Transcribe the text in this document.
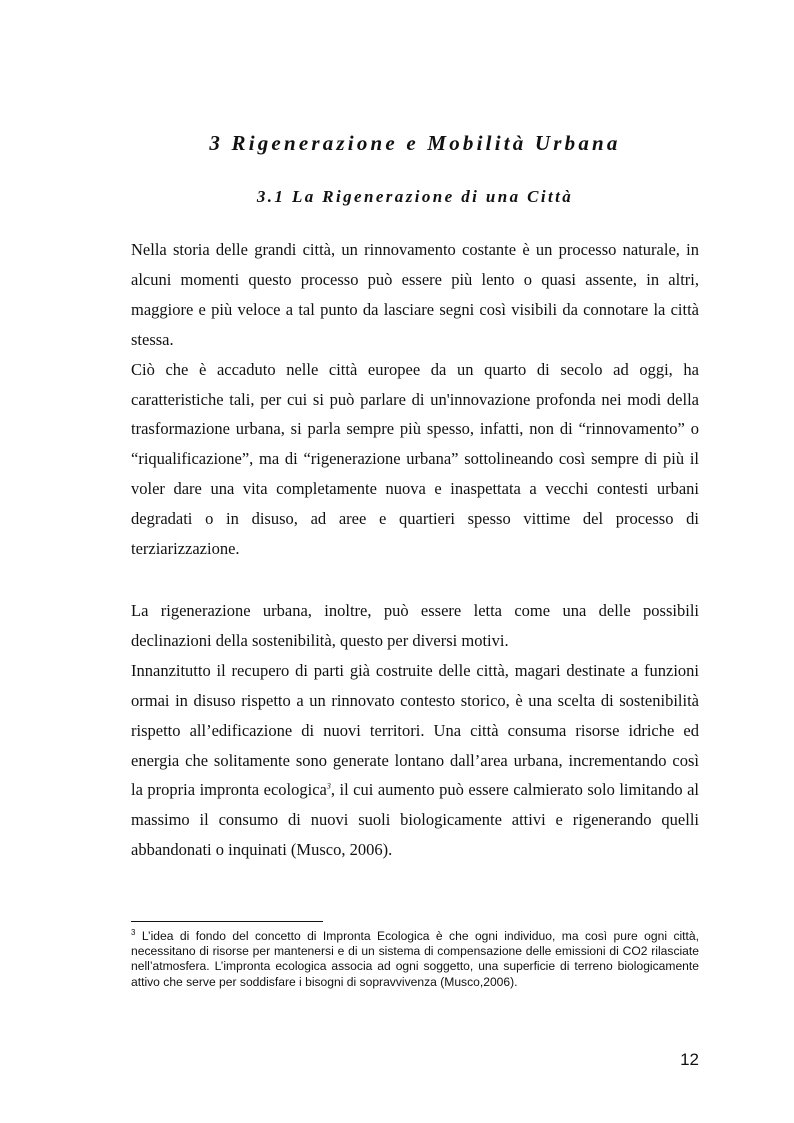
3 Rigenerazione e Mobilità Urbana
3.1 La Rigenerazione di una Città

Nella storia delle grandi città, un rinnovamento costante è un processo naturale, in alcuni momenti questo processo può essere più lento o quasi assente, in altri, maggiore e più veloce a tal punto da lasciare segni così visibili da connotare la città stessa.

Ciò che è accaduto nelle città europee da un quarto di secolo ad oggi, ha caratteristiche tali, per cui si può parlare di un'innovazione profonda nei modi della trasformazione urbana, si parla sempre più spesso, infatti, non di “rinnovamento” o “riqualificazione”, ma di “rigenerazione urbana” sottolineando così sempre di più il voler dare una vita completamente nuova e inaspettata a vecchi contesti urbani degradati o in disuso, ad aree e quartieri spesso vittime del processo di terziarizzazione.

La rigenerazione urbana, inoltre, può essere letta come una delle possibili declinazioni della sostenibilità, questo per diversi motivi.

Innanzitutto il recupero di parti già costruite delle città, magari destinate a funzioni ormai in disuso rispetto a un rinnovato contesto storico, è una scelta di sostenibilità rispetto all’edificazione di nuovi territori. Una città consuma risorse idriche ed energia che solitamente sono generate lontano dall’area urbana, incrementando così la propria impronta ecologica$^3$, il cui aumento può essere calmierato solo limitando al massimo il consumo di nuovi suoli biologicamente attivi e rigenerando quelli abbandonati o inquinati (Musco, 2006).

$^3$ L’idea di fondo del concetto di Impronta Ecologica è che ogni individuo, ma così pure ogni città, necessitano di risorse per mantenersi e di un sistema di compensazione delle emissioni di CO2 rilasciate nell’atmosfera. L’impronta ecologica associa ad ogni soggetto, una superficie di terreno biologicamente attivo che serve per soddisfare i bisogni di sopravvivenza (Musco,2006).

12
